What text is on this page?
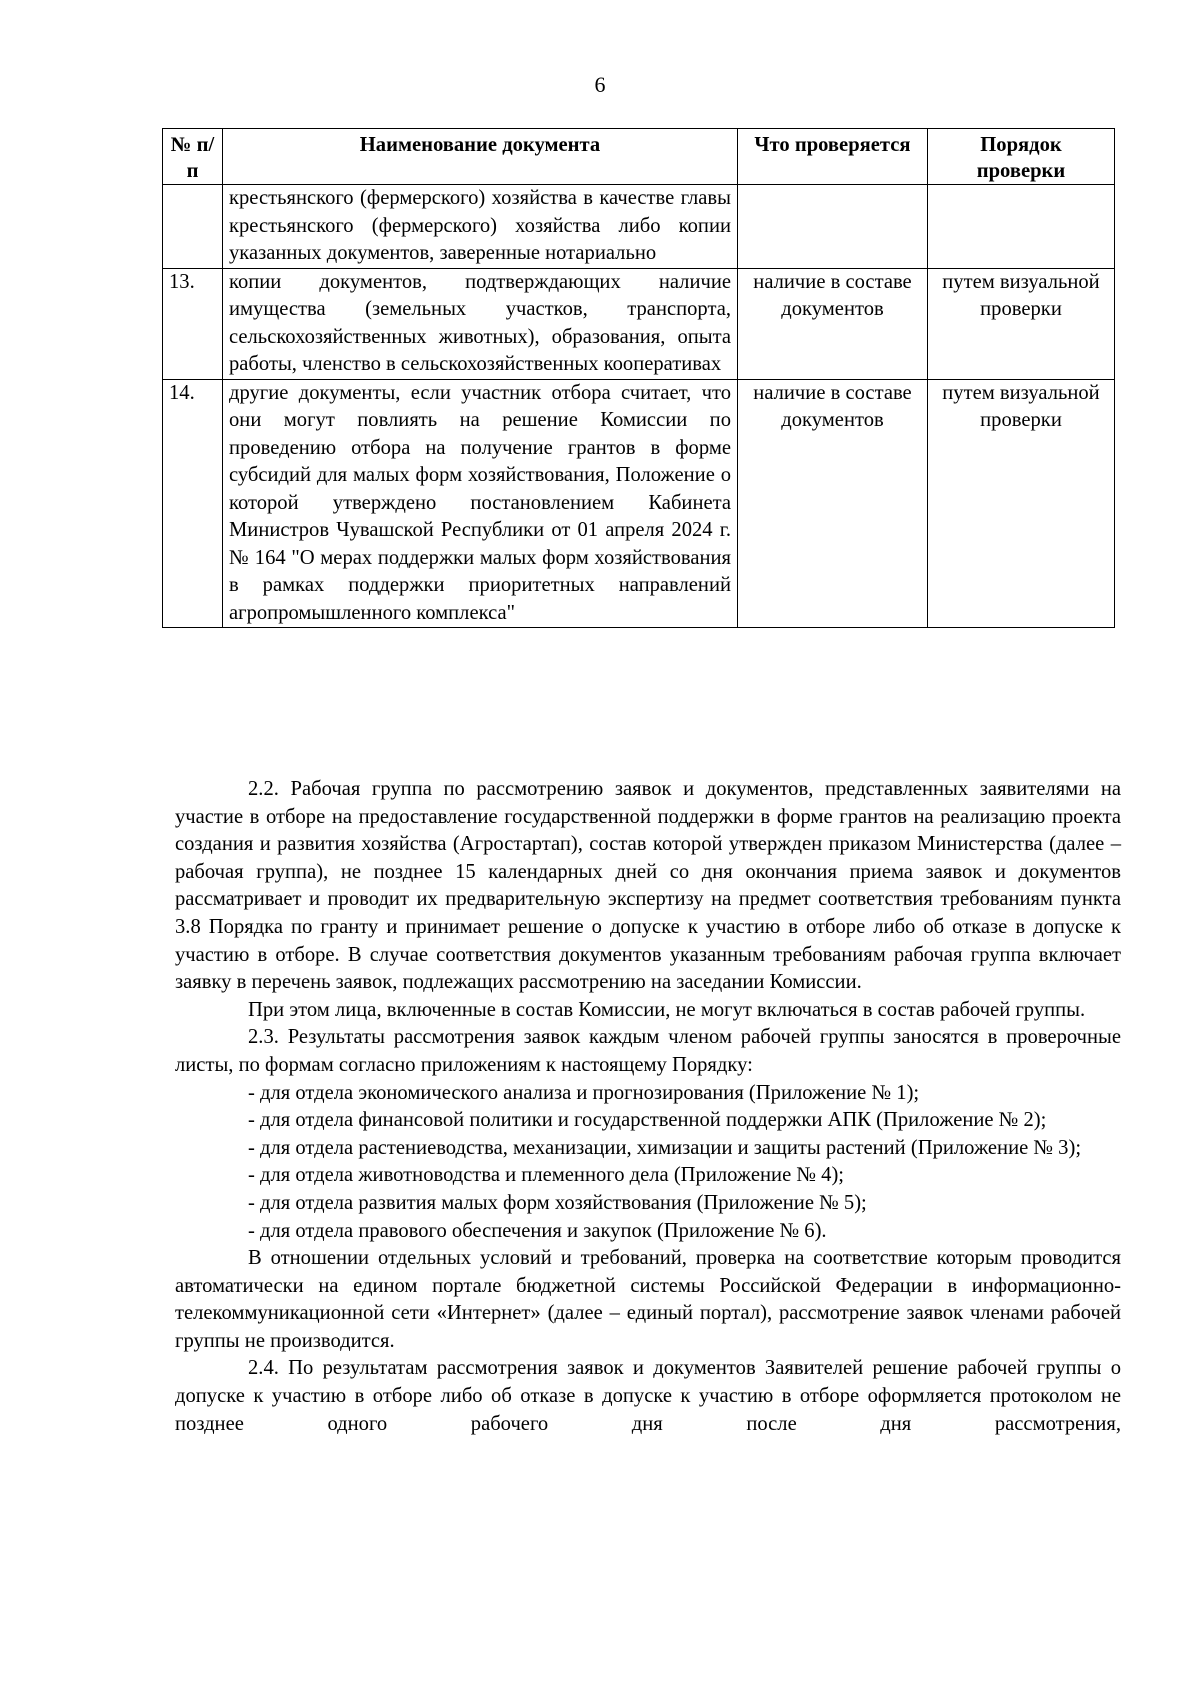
6
№ п/п	Наименование документа	Что проверяется	Порядок проверки
	крестьянского (фермерского) хозяйства в качестве главы крестьянского (фермерского) хозяйства либо копии указанных документов, заверенные нотариально		
13.	копии документов, подтверждающих наличие имущества (земельных участков, транспорта, сельскохозяйственных животных), образования, опыта работы, членство в сельскохозяйственных кооперативах	наличие в составе документов	путем визуальной проверки
14.	другие документы, если участник отбора считает, что они могут повлиять на решение Комиссии по проведению отбора на получение грантов в форме субсидий для малых форм хозяйствования, Положение о которой утверждено постановлением Кабинета Министров Чувашской Республики от 01 апреля 2024 г. № 164 "О мерах поддержки малых форм хозяйствования в рамках поддержки приоритетных направлений агропромышленного комплекса"	наличие в составе документов	путем визуальной проверки

2.2. Рабочая группа по рассмотрению заявок и документов, представленных заявителями на участие в отборе на предоставление государственной поддержки в форме грантов на реализацию проекта создания и развития хозяйства (Агростартап), состав которой утвержден приказом Министерства (далее – рабочая группа), не позднее 15 календарных дней со дня окончания приема заявок и документов рассматривает и проводит их предварительную экспертизу на предмет соответствия требованиям пункта 3.8 Порядка по гранту и принимает решение о допуске к участию в отборе либо об отказе в допуске к участию в отборе. В случае соответствия документов указанным требованиям рабочая группа включает заявку в перечень заявок, подлежащих рассмотрению на заседании Комиссии.

При этом лица, включенные в состав Комиссии, не могут включаться в состав рабочей группы.

2.3. Результаты рассмотрения заявок каждым членом рабочей группы заносятся в проверочные листы, по формам согласно приложениям к настоящему Порядку:

- для отдела экономического анализа и прогнозирования (Приложение № 1);

- для отдела финансовой политики и государственной поддержки АПК (Приложение № 2);

- для отдела растениеводства, механизации, химизации и защиты растений (Приложение № 3);

- для отдела животноводства и племенного дела (Приложение № 4);

- для отдела развития малых форм хозяйствования (Приложение № 5);

- для отдела правового обеспечения и закупок (Приложение № 6).

В отношении отдельных условий и требований, проверка на соответствие которым проводится автоматически на едином портале бюджетной системы Российской Федерации в информационно-телекоммуникационной сети «Интернет» (далее – единый портал), рассмотрение заявок членами рабочей группы не производится.

2.4. По результатам рассмотрения заявок и документов Заявителей решение рабочей группы о допуске к участию в отборе либо об отказе в допуске к участию в отборе оформляется протоколом не позднее одного рабочего дня после дня рассмотрения,
